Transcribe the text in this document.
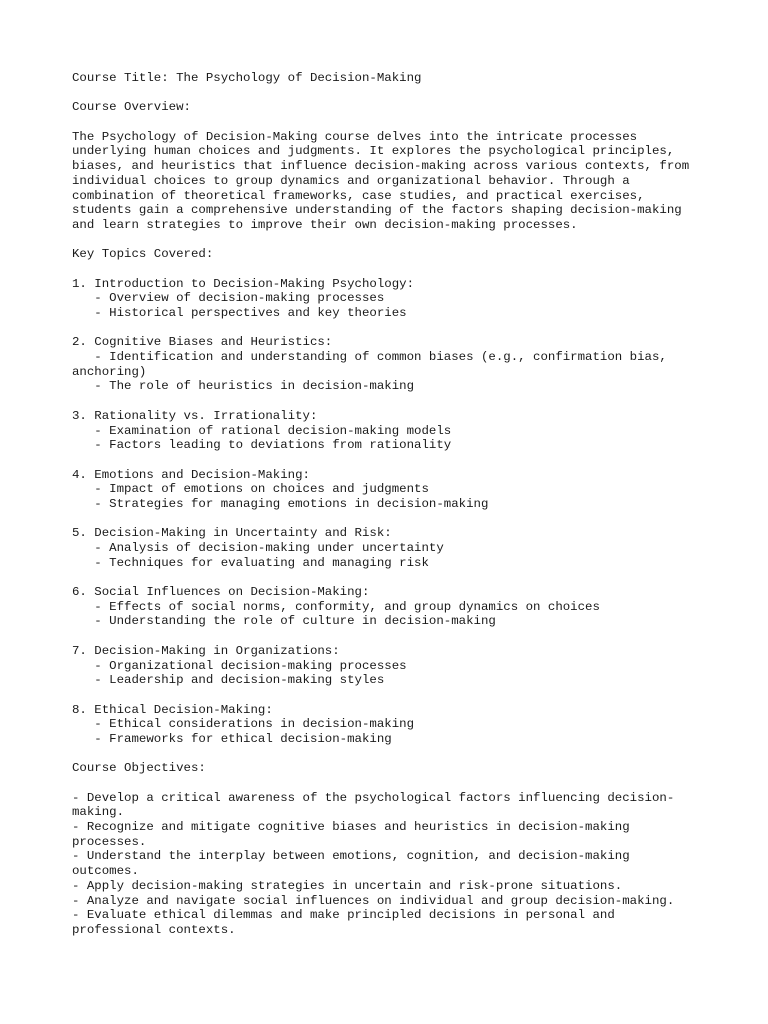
Course Title: The Psychology of Decision-Making
Course Overview:
The Psychology of Decision-Making course delves into the intricate processes
underlying human choices and judgments. It explores the psychological principles,
biases, and heuristics that influence decision-making across various contexts, from
individual choices to group dynamics and organizational behavior. Through a
combination of theoretical frameworks, case studies, and practical exercises,
students gain a comprehensive understanding of the factors shaping decision-making
and learn strategies to improve their own decision-making processes.
Key Topics Covered:
1. Introduction to Decision-Making Psychology:
- Overview of decision-making processes
- Historical perspectives and key theories
2. Cognitive Biases and Heuristics:
- Identification and understanding of common biases (e.g., confirmation bias,
anchoring)
- The role of heuristics in decision-making
3. Rationality vs. Irrationality:
- Examination of rational decision-making models
- Factors leading to deviations from rationality
4. Emotions and Decision-Making:
- Impact of emotions on choices and judgments
- Strategies for managing emotions in decision-making
5. Decision-Making in Uncertainty and Risk:
- Analysis of decision-making under uncertainty
- Techniques for evaluating and managing risk
6. Social Influences on Decision-Making:
- Effects of social norms, conformity, and group dynamics on choices
- Understanding the role of culture in decision-making
7. Decision-Making in Organizations:
- Organizational decision-making processes
- Leadership and decision-making styles
8. Ethical Decision-Making:
- Ethical considerations in decision-making
- Frameworks for ethical decision-making
Course Objectives:
- Develop a critical awareness of the psychological factors influencing decision-
making.
- Recognize and mitigate cognitive biases and heuristics in decision-making
processes.
- Understand the interplay between emotions, cognition, and decision-making
outcomes.
- Apply decision-making strategies in uncertain and risk-prone situations.
- Analyze and navigate social influences on individual and group decision-making.
- Evaluate ethical dilemmas and make principled decisions in personal and
professional contexts.
